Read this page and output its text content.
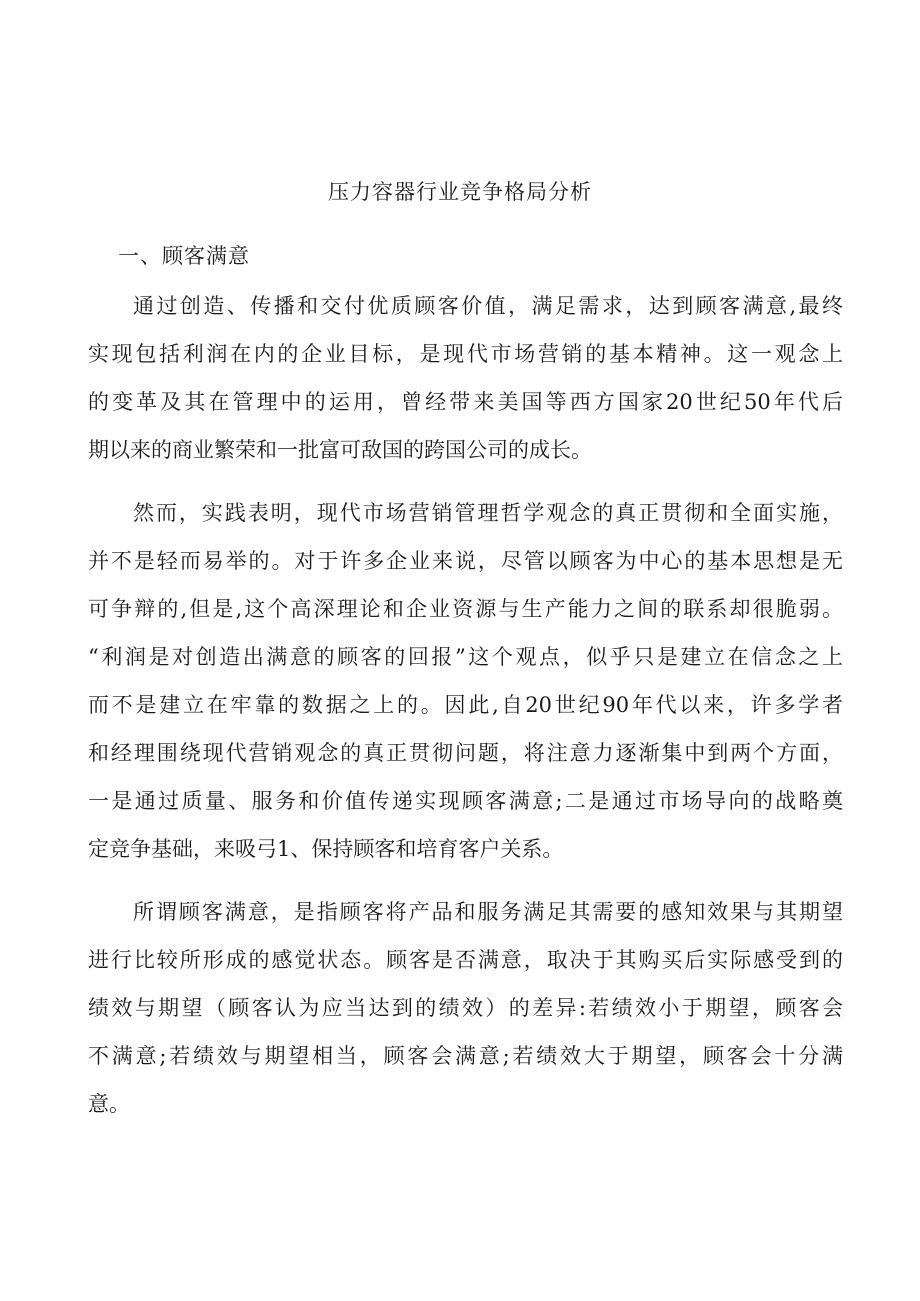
压力容器行业竞争格局分析
一、顾客满意
通过创造、传播和交付优质顾客价值，满足需求，达到顾客满意,最终
实现包括利润在内的企业目标，是现代市场营销的基本精神。这一观念上
的变革及其在管理中的运用，曾经带来美国等西方国家20世纪50年代后
期以来的商业繁荣和一批富可敌国的跨国公司的成长。
然而，实践表明，现代市场营销管理哲学观念的真正贯彻和全面实施，
并不是轻而易举的。对于许多企业来说，尽管以顾客为中心的基本思想是无
可争辩的,但是,这个高深理论和企业资源与生产能力之间的联系却很脆弱。
“利润是对创造出满意的顾客的回报”这个观点，似乎只是建立在信念之上
而不是建立在牢靠的数据之上的。因此,自20世纪90年代以来，许多学者
和经理围绕现代营销观念的真正贯彻问题，将注意力逐渐集中到两个方面，
一是通过质量、服务和价值传递实现顾客满意;二是通过市场导向的战略奠
定竞争基础，来吸弓1、保持顾客和培育客户关系。
所谓顾客满意，是指顾客将产品和服务满足其需要的感知效果与其期望
进行比较所形成的感觉状态。顾客是否满意，取决于其购买后实际感受到的
绩效与期望（顾客认为应当达到的绩效）的差异:若绩效小于期望，顾客会
不满意;若绩效与期望相当，顾客会满意;若绩效大于期望，顾客会十分满
意。
